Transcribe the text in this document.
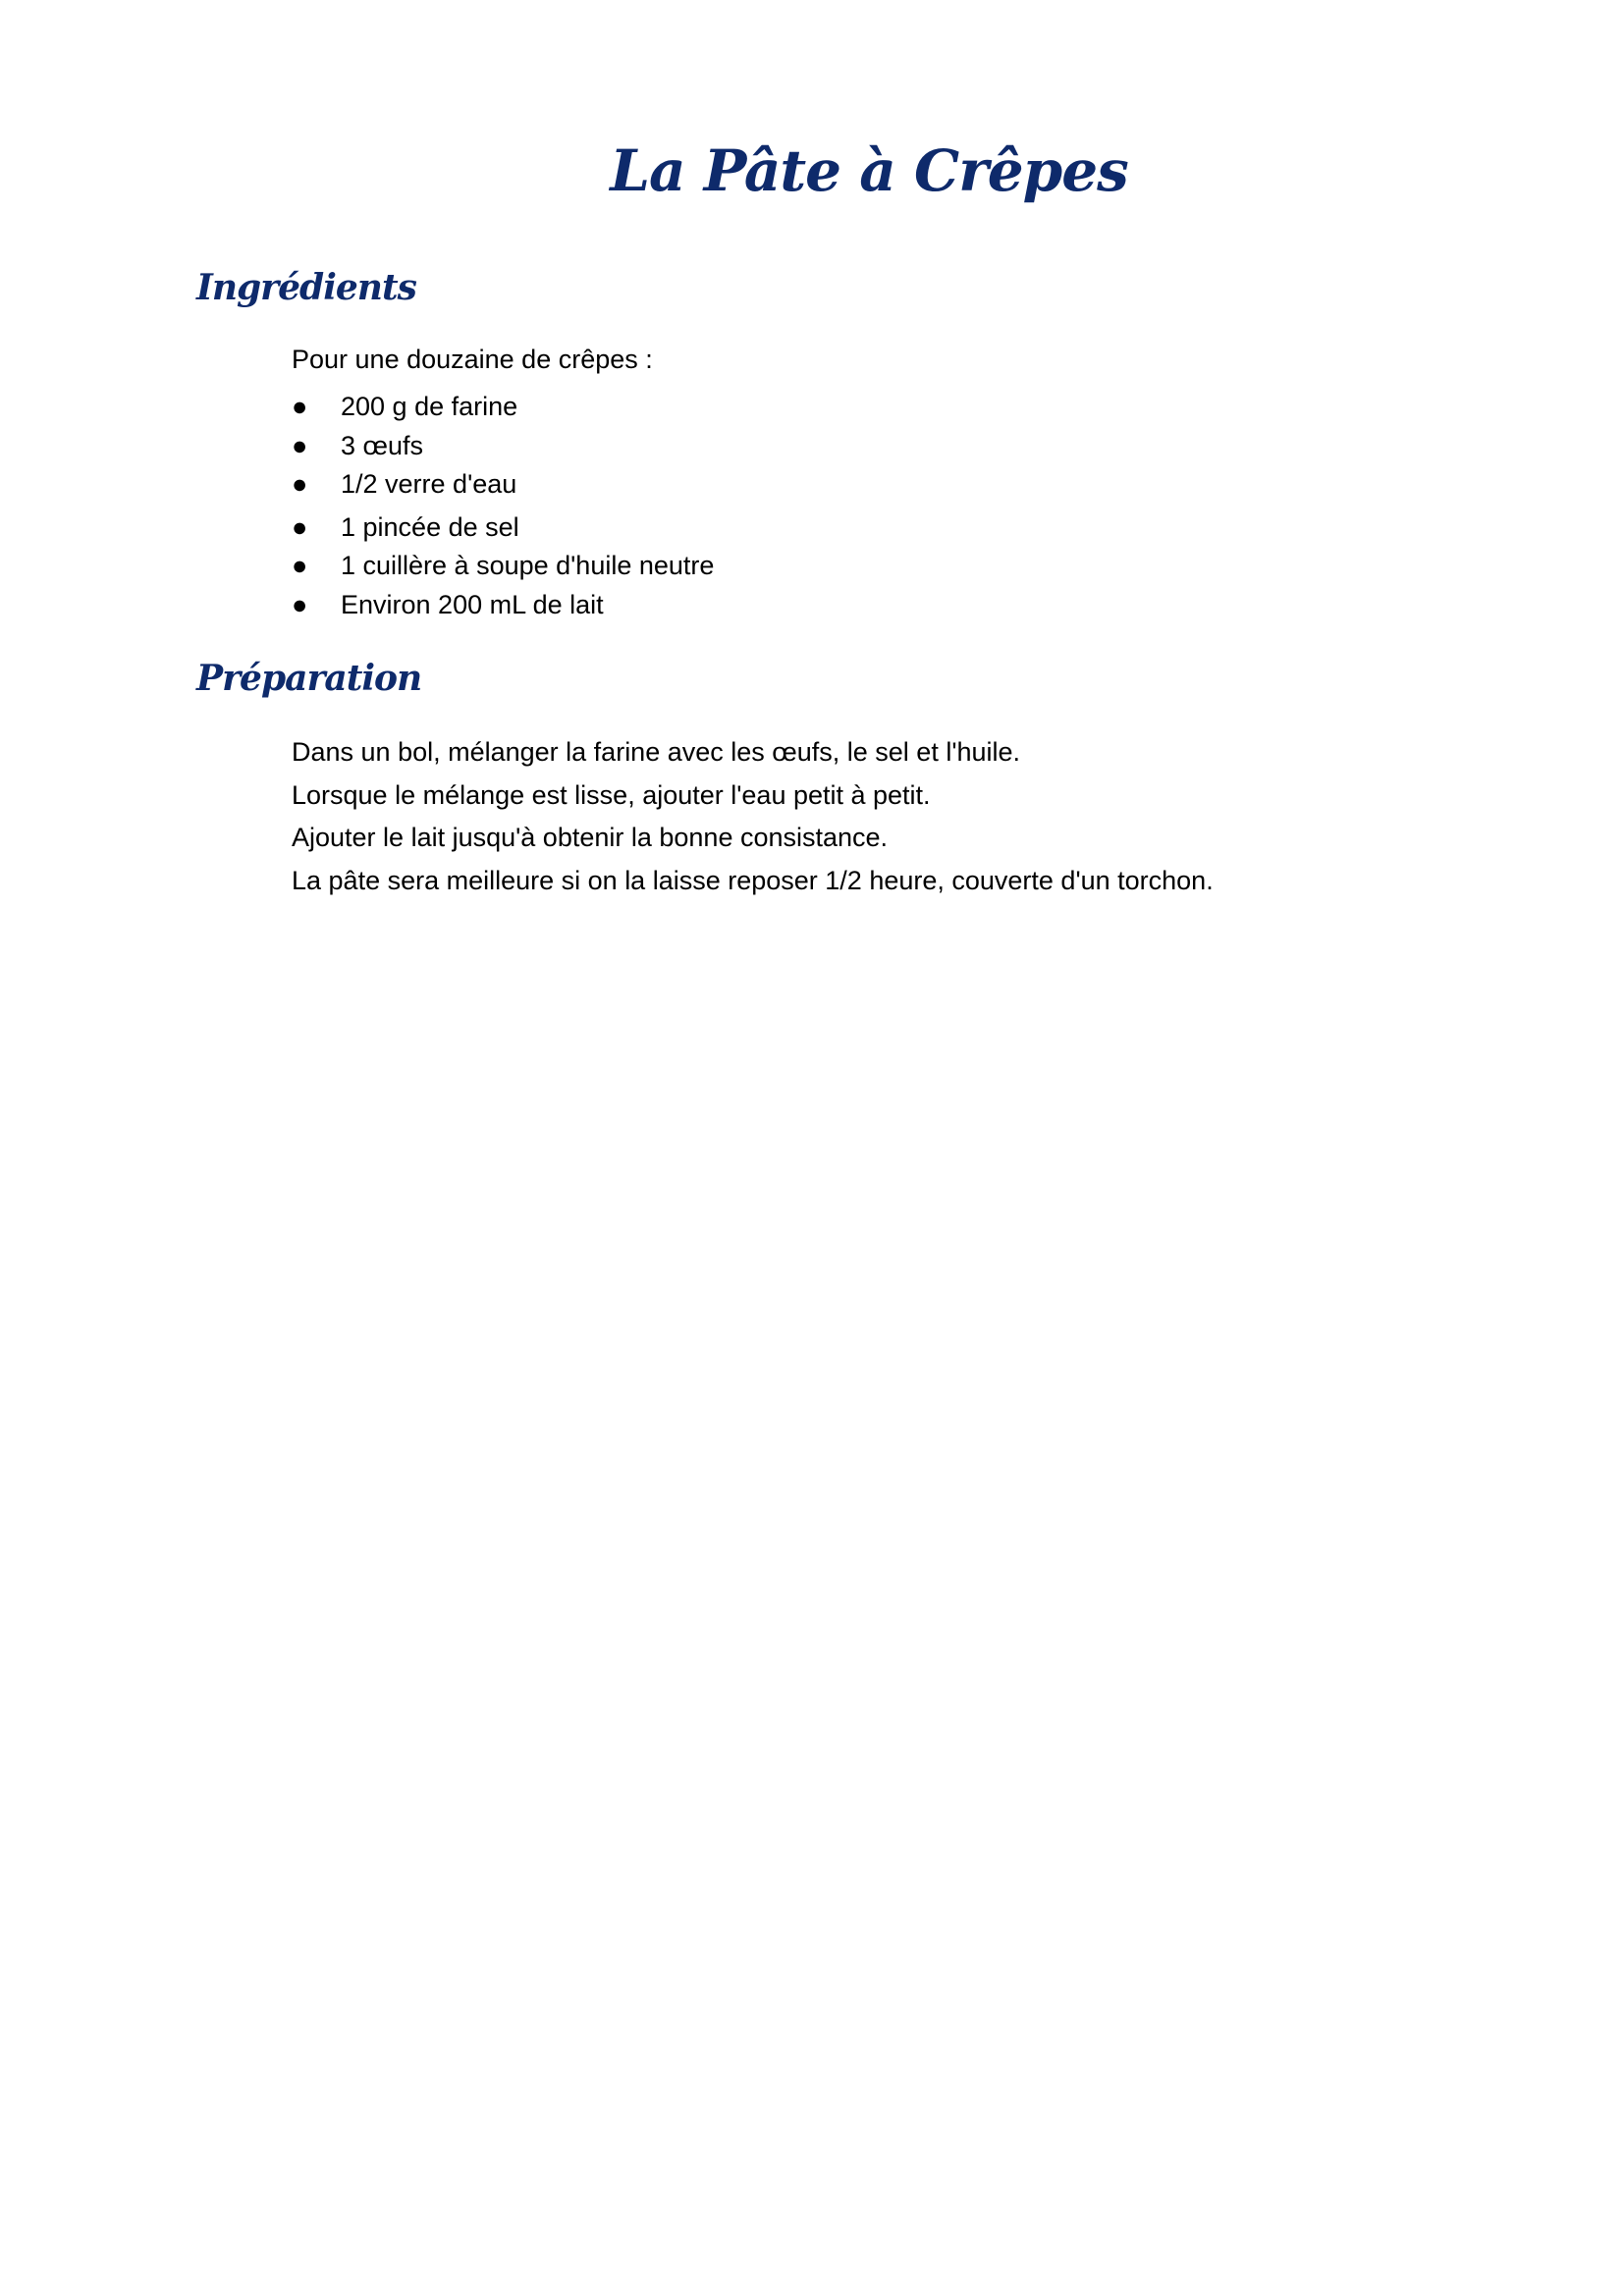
La Pâte à Crêpes
Ingrédients

Pour une douzaine de crêpes :

●	200 g de farine
●	3 œufs
●	1/2 verre d'eau
●	1 pincée de sel
●	1 cuillère à soupe d'huile neutre
●	Environ 200 mL de lait
Préparation

Dans un bol, mélanger la farine avec les œufs, le sel et l'huile.

Lorsque le mélange est lisse, ajouter l'eau petit à petit.

Ajouter le lait jusqu'à obtenir la bonne consistance.

La pâte sera meilleure si on la laisse reposer 1/2 heure, couverte d'un torchon.
